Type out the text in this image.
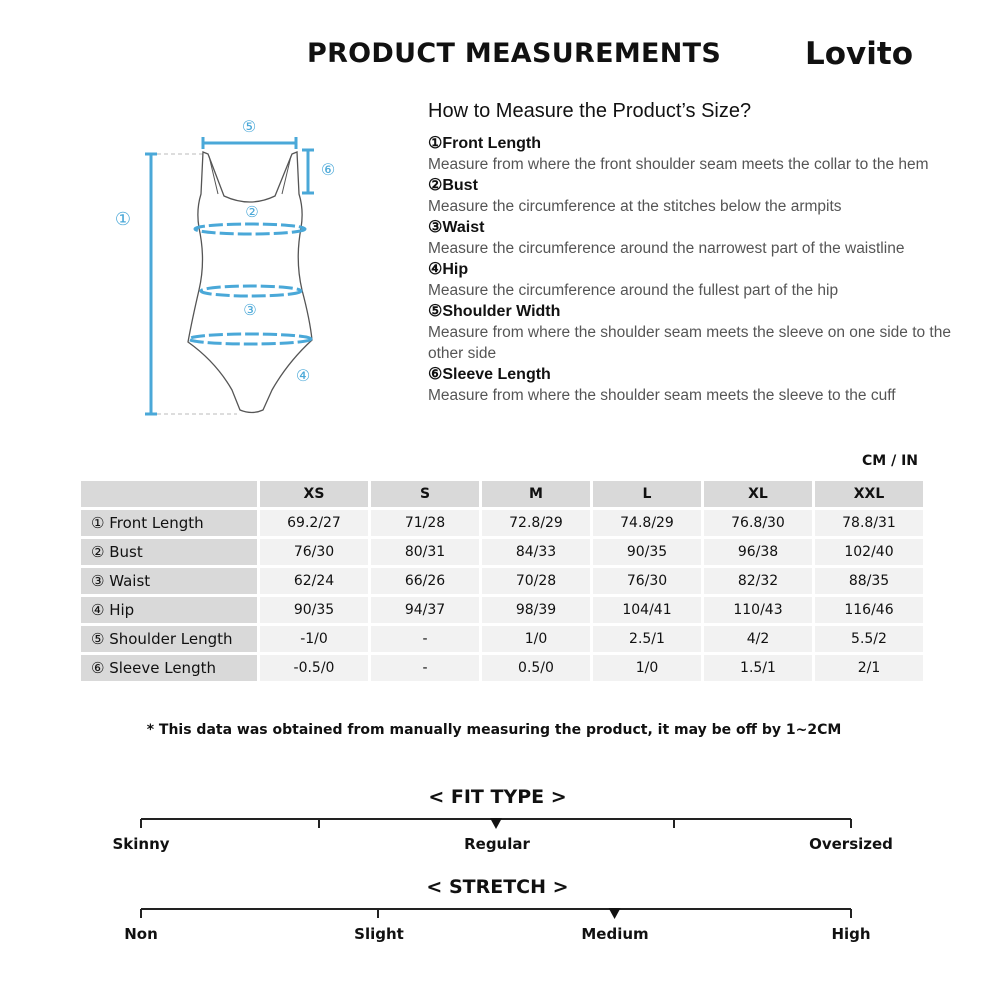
PRODUCT MEASUREMENTS	Lovito
①
⑤
⑥
②
③
④
How to Measure the Product’s Size?
①Front Length
Measure from where the front shoulder seam meets the collar to the hem
②Bust
Measure the circumference at the stitches below the armpits
③Waist
Measure the circumference around the narrowest part of the waistline
④Hip
Measure the circumference around the fullest part of the hip
⑤Shoulder Width
Measure from where the shoulder seam meets the sleeve on one side to the other side
⑥Sleeve Length
Measure from where the shoulder seam meets the sleeve to the cuff
CM / IN
	XS	S	M	L	XL	XXL
① Front Length	69.2/27	71/28	72.8/29	74.8/29	76.8/30	78.8/31
② Bust	76/30	80/31	84/33	90/35	96/38	102/40
③ Waist	62/24	66/26	70/28	76/30	82/32	88/35
④ Hip	90/35	94/37	98/39	104/41	110/43	116/46
⑤ Shoulder Length	-1/0	-	1/0	2.5/1	4/2	5.5/2
⑥ Sleeve Length	-0.5/0	-	0.5/0	1/0	1.5/1	2/1
* This data was obtained from manually measuring the product, it may be off by 1~2CM
< FIT TYPE >
Skinny	Regular	Oversized
< STRETCH >
Non	Slight	Medium	High
